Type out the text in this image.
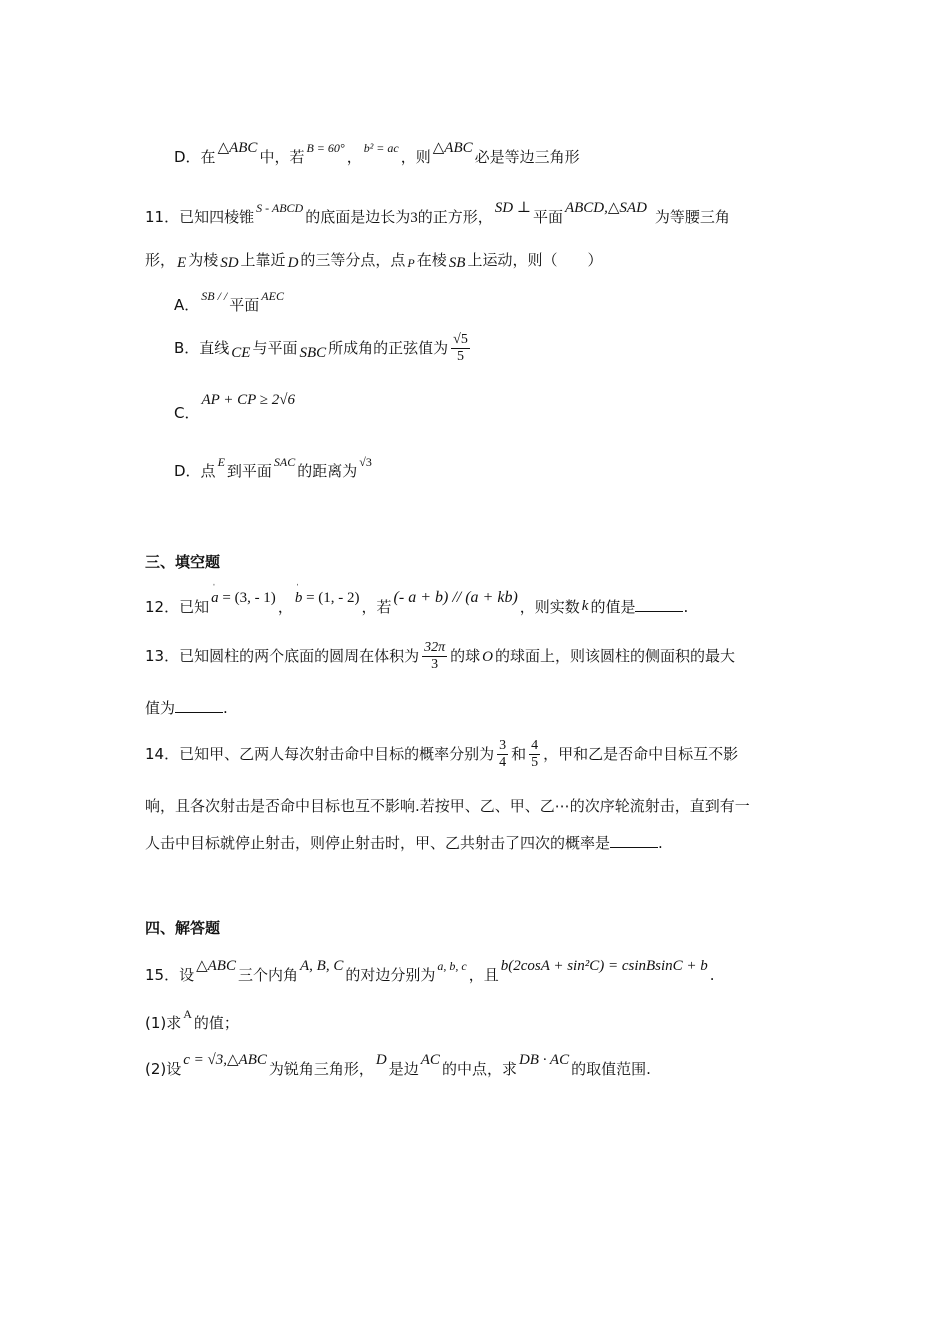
D．在 △ABC 中，若 B = 60° ， b² = ac ，则 △ABC 必是等边三角形
11．已知四棱锥 S - ABCD 的底面是边长为3的正方形， SD ⊥ 平面 ABCD,△SAD 为等腰三角
形， E 为棱 SD 上靠近 D 的三等分点，点 P 在棱 SB 上运动，则（　　）
A． SB / / 平面 AEC
B．直线 CE 与平面 SBC 所成角的正弦值为 $\frac{√5}{5}$
C．AP + CP ≥ 2√6
D．点 E 到平面 SAC 的距离为 √3
三、填空题
12．已知 ˈ a = (3, - 1) ， ˈ b = (1, - 2) ，若(- a + b) // (a + kb)，则实数 k 的值是	.
13．已知圆柱的两个底面的圆周在体积为 $\frac{32\pi}{3}$ 的球 O 的球面上，则该圆柱的侧面积的最大
值为	.
14．已知甲、乙两人每次射击命中目标的概率分别为 $\frac{3}{4}$ 和 $\frac{4}{5}$ ，甲和乙是否命中目标互不影
响，且各次射击是否命中目标也互不影响.若按甲、乙、甲、乙⋯的次序轮流射击，直到有一
人击中目标就停止射击，则停止射击时，甲、乙共射击了四次的概率是	.
四、解答题
15．设 △ABC 三个内角 A, B, C 的对边分别为 a, b, c ，且 b(2cosA + sin²C) = csinBsinC + b .
(1)求 A 的值；
(2)设 c = √3,△ABC 为锐角三角形， D 是边 AC 的中点，求 DB · AC 的取值范围.
